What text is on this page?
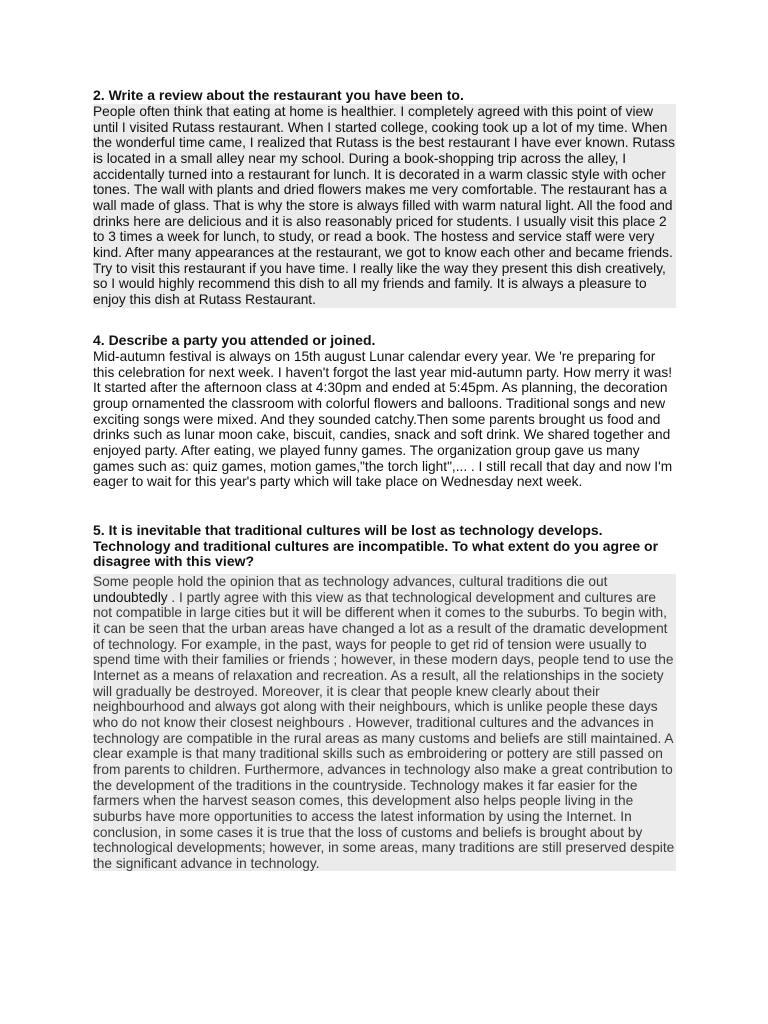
2. Write a review about the restaurant you have been to.

People often think that eating at home is healthier. I completely agreed with this point of view until I visited Rutass restaurant. When I started college, cooking took up a lot of my time. When the wonderful time came, I realized that Rutass is the best restaurant I have ever known. Rutass is located in a small alley near my school. During a book-shopping trip across the alley, I accidentally turned into a restaurant for lunch. It is decorated in a warm classic style with ocher tones. The wall with plants and dried flowers makes me very comfortable. The restaurant has a wall made of glass. That is why the store is always filled with warm natural light. All the food and drinks here are delicious and it is also reasonably priced for students. I usually visit this place 2 to 3 times a week for lunch, to study, or read a book. The hostess and service staff were very kind. After many appearances at the restaurant, we got to know each other and became friends. Try to visit this restaurant if you have time. I really like the way they present this dish creatively, so I would highly recommend this dish to all my friends and family. It is always a pleasure to enjoy this dish at Rutass Restaurant.

4. Describe a party you attended or joined.

Mid-autumn festival is always on 15th august Lunar calendar every year. We 're preparing for this celebration for next week. I haven't forgot the last year mid-autumn party. How merry it was! It started after the afternoon class at 4:30pm and ended at 5:45pm. As planning, the decoration group ornamented the classroom with colorful flowers and balloons. Traditional songs and new exciting songs were mixed. And they sounded catchy.Then some parents brought us food and drinks such as lunar moon cake, biscuit, candies, snack and soft drink. We shared together and enjoyed party. After eating, we played funny games. The organization group gave us many games such as: quiz games, motion games,"the torch light",... . I still recall that day and now I'm eager to wait for this year's party which will take place on Wednesday next week.

5. It is inevitable that traditional cultures will be lost as technology develops. Technology and traditional cultures are incompatible. To what extent do you agree or disagree with this view?

Some people hold the opinion that as technology advances, cultural traditions die out undoubtedly . I partly agree with this view as that technological development and cultures are not compatible in large cities but it will be different when it comes to the suburbs. To begin with, it can be seen that the urban areas have changed a lot as a result of the dramatic development of technology. For example, in the past, ways for people to get rid of tension were usually to spend time with their families or friends ; however, in these modern days, people tend to use the Internet as a means of relaxation and recreation. As a result, all the relationships in the society will gradually be destroyed. Moreover, it is clear that people knew clearly about their neighbourhood and always got along with their neighbours, which is unlike people these days who do not know their closest neighbours . However, traditional cultures and the advances in technology are compatible in the rural areas as many customs and beliefs are still maintained. A clear example is that many traditional skills such as embroidering or pottery are still passed on from parents to children. Furthermore, advances in technology also make a great contribution to the development of the traditions in the countryside. Technology makes it far easier for the farmers when the harvest season comes, this development also helps people living in the suburbs have more opportunities to access the latest information by using the Internet. In conclusion, in some cases it is true that the loss of customs and beliefs is brought about by technological developments; however, in some areas, many traditions are still preserved despite the significant advance in technology.
